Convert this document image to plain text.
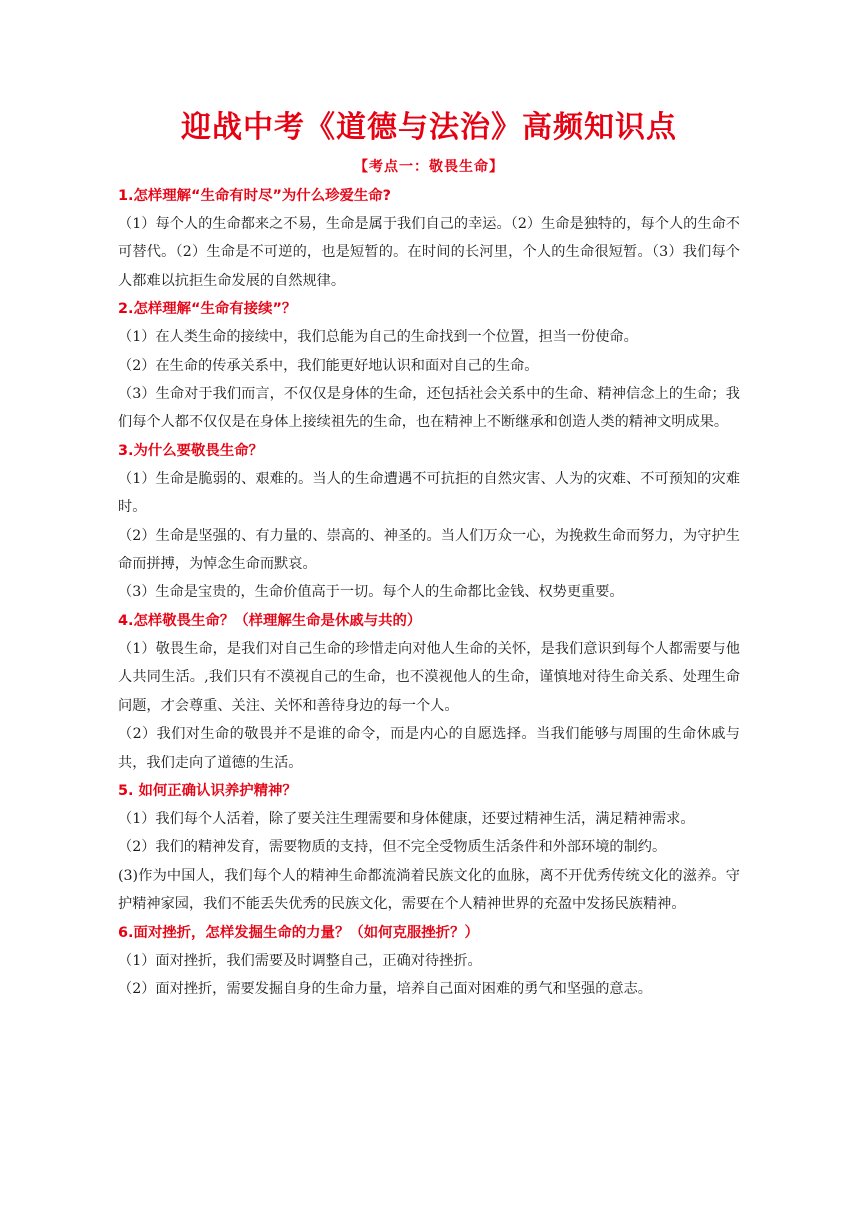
迎战中考《道德与法治》高频知识点
【考点一：敬畏生命】
1.怎样理解“生命有时尽”为什么珍爱生命?

（1）每个人的生命都来之不易，生命是属于我们自己的幸运。（2）生命是独特的，每个人的生命不可替代。（2）生命是不可逆的，也是短暂的。在时间的长河里，个人的生命很短暂。（3）我们每个人都难以抗拒生命发展的自然规律。

2.怎样理解“生命有接续”？

（1）在人类生命的接续中，我们总能为自己的生命找到一个位置，担当一份使命。

（2）在生命的传承关系中，我们能更好地认识和面对自己的生命。

（3）生命对于我们而言，不仅仅是身体的生命，还包括社会关系中的生命、精神信念上的生命；我们每个人都不仅仅是在身体上接续祖先的生命，也在精神上不断继承和创造人类的精神文明成果。

3.为什么要敬畏生命？

（1）生命是脆弱的、艰难的。当人的生命遭遇不可抗拒的自然灾害、人为的灾难、不可预知的灾难时。

（2）生命是坚强的、有力量的、崇高的、神圣的。当人们万众一心，为挽救生命而努力，为守护生命而拼搏，为悼念生命而默哀。

（3）生命是宝贵的，生命价值高于一切。每个人的生命都比金钱、权势更重要。

4.怎样敬畏生命？（样理解生命是休戚与共的）

（1）敬畏生命，是我们对自己生命的珍惜走向对他人生命的关怀，是我们意识到每个人都需要与他人共同生活。,我们只有不漠视自己的生命，也不漠视他人的生命，谨慎地对待生命关系、处理生命问题，才会尊重、关注、关怀和善待身边的每一个人。

（2）我们对生命的敬畏并不是谁的命令，而是内心的自愿选择。当我们能够与周围的生命休戚与共，我们走向了道德的生活。

5. 如何正确认识养护精神？

（1）我们每个人活着，除了要关注生理需要和身体健康，还要过精神生活，满足精神需求。

（2）我们的精神发育，需要物质的支持，但不完全受物质生活条件和外部环境的制约。

(3)作为中国人，我们每个人的精神生命都流淌着民族文化的血脉，离不开优秀传统文化的滋养。守护精神家园，我们不能丢失优秀的民族文化，需要在个人精神世界的充盈中发扬民族精神。

6.面对挫折，怎样发掘生命的力量？（如何克服挫折？）

（1）面对挫折，我们需要及时调整自己，正确对待挫折。

（2）面对挫折，需要发掘自身的生命力量，培养自己面对困难的勇气和坚强的意志。
